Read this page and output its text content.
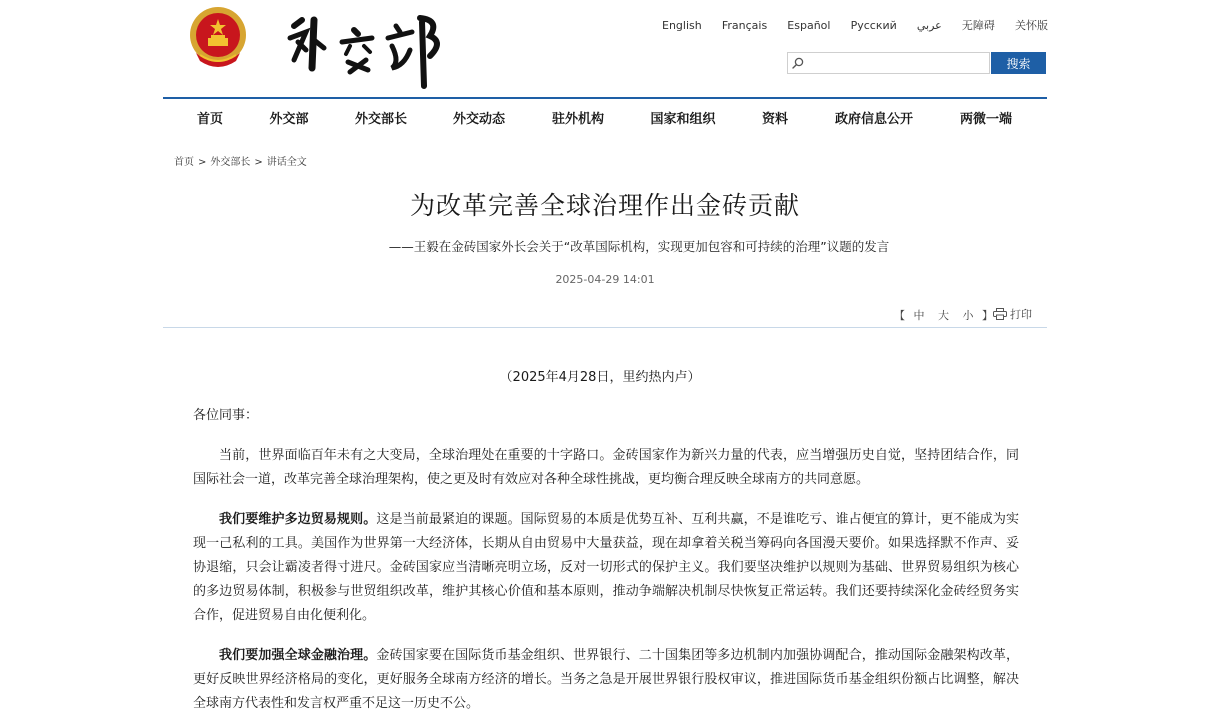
English Français Español Русский عربي 无障碍 关怀版
搜索
首页	外交部	外交部长	外交动态	驻外机构	国家和组织	资料	政府信息公开	两微一端
首页 > 外交部长 > 讲话全文
为改革完善全球治理作出金砖贡献
——王毅在金砖国家外长会关于“改革国际机构，实现更加包容和可持续的治理”议题的发言
2025-04-29 14:01
【 中 大 小 】 打印

（2025年4月28日，里约热内卢）

各位同事：

当前，世界面临百年未有之大变局，全球治理处在重要的十字路口。金砖国家作为新兴力量的代表，应当增强历史自觉，坚持团结合作，同国际社会一道，改革完善全球治理架构，使之更及时有效应对各种全球性挑战，更均衡合理反映全球南方的共同意愿。

我们要维护多边贸易规则。这是当前最紧迫的课题。国际贸易的本质是优势互补、互利共赢，不是谁吃亏、谁占便宜的算计，更不能成为实现一己私利的工具。美国作为世界第一大经济体，长期从自由贸易中大量获益，现在却拿着关税当筹码向各国漫天要价。如果选择默不作声、妥协退缩，只会让霸凌者得寸进尺。金砖国家应当清晰亮明立场，反对一切形式的保护主义。我们要坚决维护以规则为基础、世界贸易组织为核心的多边贸易体制，积极参与世贸组织改革，维护其核心价值和基本原则，推动争端解决机制尽快恢复正常运转。我们还要持续深化金砖经贸务实合作，促进贸易自由化便利化。

我们要加强全球金融治理。金砖国家要在国际货币基金组织、世界银行、二十国集团等多边机制内加强协调配合，推动国际金融架构改革，更好反映世界经济格局的变化，更好服务全球南方经济的增长。当务之急是开展世界银行股权审议，推进国际货币基金组织份额占比调整，解决全球南方代表性和发言权严重不足这一历史不公。
